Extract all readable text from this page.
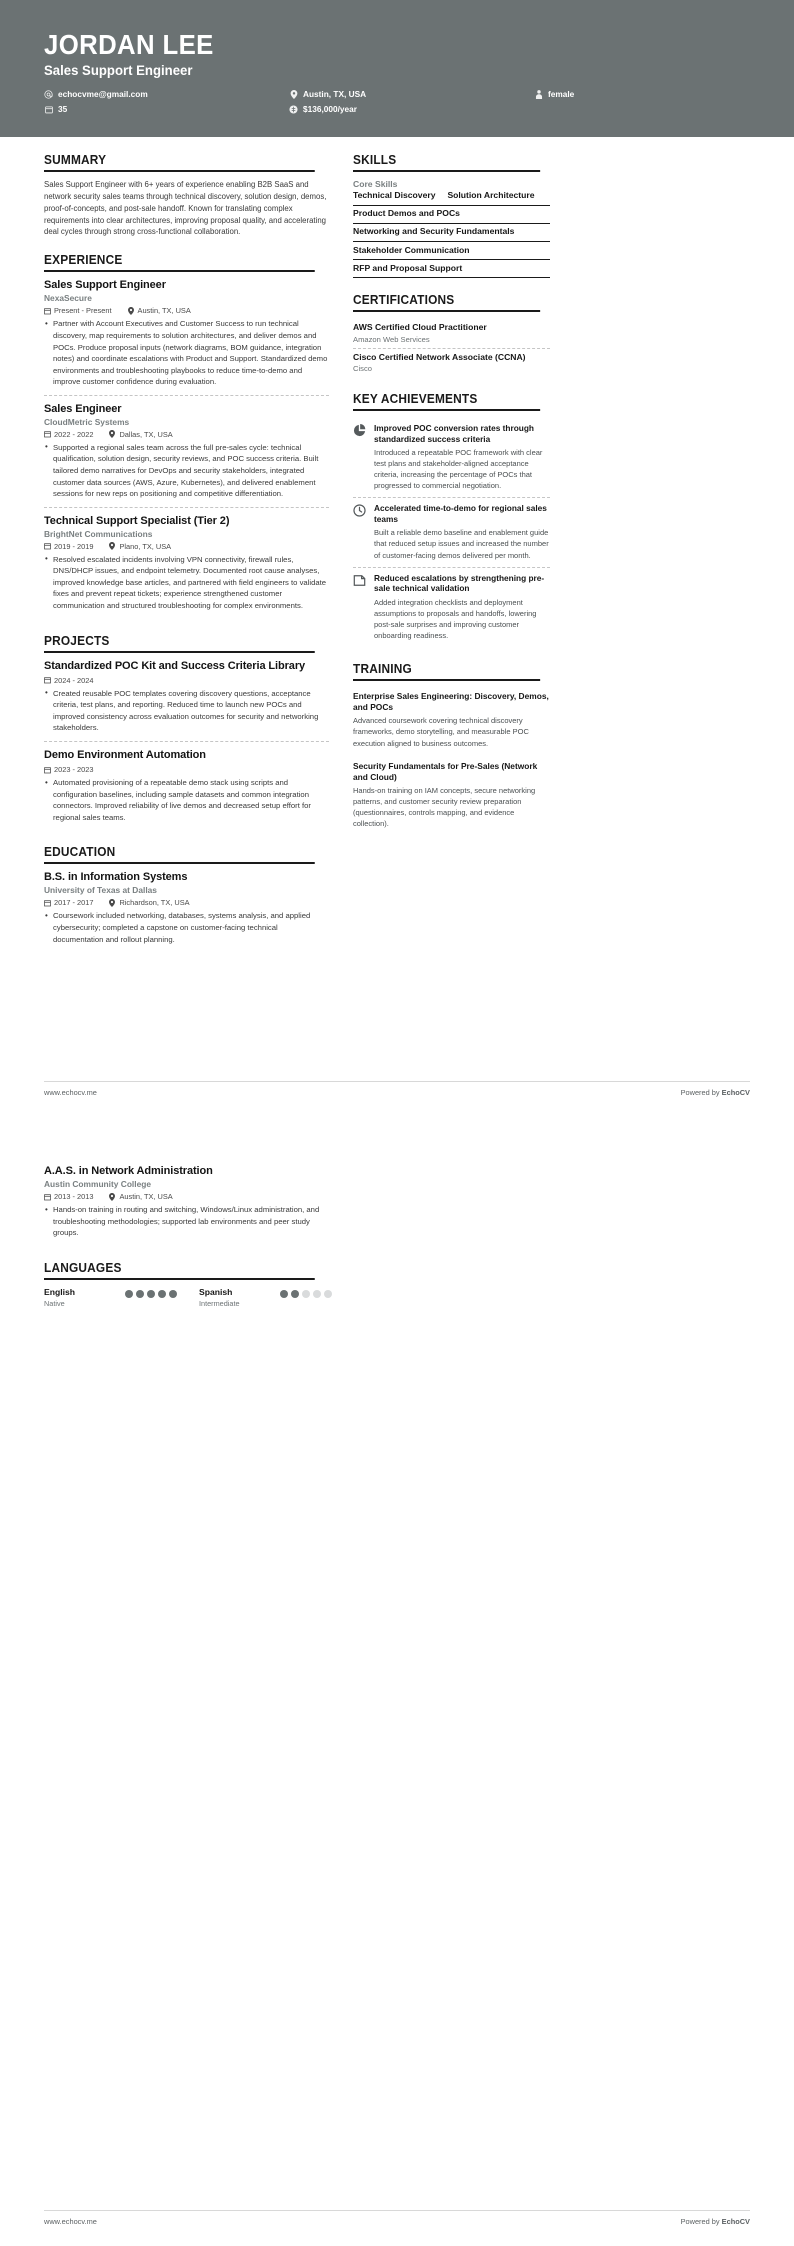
JORDAN LEE
Sales Support Engineer
echocvme@gmail.com	Austin, TX, USA	female
35	$136,000/year
SUMMARY
Sales Support Engineer with 6+ years of experience enabling B2B SaaS and network security sales teams through technical discovery, solution design, demos, proof-of-concepts, and post-sale handoff. Known for translating complex requirements into clear architectures, improving proposal quality, and accelerating deal cycles through strong cross-functional collaboration.
EXPERIENCE
Sales Support Engineer
NexaSecure
Present - Present	Austin, TX, USA
• Partner with Account Executives and Customer Success to run technical discovery, map requirements to solution architectures, and deliver demos and POCs. Produce proposal inputs (network diagrams, BOM guidance, integration notes) and coordinate escalations with Product and Support. Standardized demo environments and troubleshooting playbooks to reduce time-to-demo and improve customer confidence during evaluation.
Sales Engineer
CloudMetric Systems
2022 - 2022	Dallas, TX, USA
• Supported a regional sales team across the full pre-sales cycle: technical qualification, solution design, security reviews, and POC success criteria. Built tailored demo narratives for DevOps and security stakeholders, integrated customer data sources (AWS, Azure, Kubernetes), and delivered enablement sessions for new reps on positioning and competitive differentiation.
Technical Support Specialist (Tier 2)
BrightNet Communications
2019 - 2019	Plano, TX, USA
• Resolved escalated incidents involving VPN connectivity, firewall rules, DNS/DHCP issues, and endpoint telemetry. Documented root cause analyses, improved knowledge base articles, and partnered with field engineers to validate fixes and prevent repeat tickets; experience strengthened customer communication and structured troubleshooting for complex environments.
PROJECTS
Standardized POC Kit and Success Criteria Library
2024 - 2024
• Created reusable POC templates covering discovery questions, acceptance criteria, test plans, and reporting. Reduced time to launch new POCs and improved consistency across evaluation outcomes for security and networking stakeholders.
Demo Environment Automation
2023 - 2023
• Automated provisioning of a repeatable demo stack using scripts and configuration baselines, including sample datasets and common integration connectors. Improved reliability of live demos and decreased setup effort for regional sales teams.
EDUCATION
B.S. in Information Systems
University of Texas at Dallas
2017 - 2017	Richardson, TX, USA
• Coursework included networking, databases, systems analysis, and applied cybersecurity; completed a capstone on customer-facing technical documentation and rollout planning.
SKILLS
Core Skills
Technical Discovery Solution Architecture
Product Demos and POCs
Networking and Security Fundamentals
Stakeholder Communication
RFP and Proposal Support
CERTIFICATIONS
AWS Certified Cloud Practitioner
Amazon Web Services
Cisco Certified Network Associate (CCNA)
Cisco
KEY ACHIEVEMENTS
Improved POC conversion rates through standardized success criteria
Introduced a repeatable POC framework with clear test plans and stakeholder-aligned acceptance criteria, increasing the percentage of POCs that progressed to commercial negotiation.
Accelerated time-to-demo for regional sales teams
Built a reliable demo baseline and enablement guide that reduced setup issues and increased the number of customer-facing demos delivered per month.
Reduced escalations by strengthening pre-sale technical validation
Added integration checklists and deployment assumptions to proposals and handoffs, lowering post-sale surprises and improving customer onboarding readiness.
TRAINING
Enterprise Sales Engineering: Discovery, Demos, and POCs
Advanced coursework covering technical discovery frameworks, demo storytelling, and measurable POC execution aligned to business outcomes.
Security Fundamentals for Pre-Sales (Network and Cloud)
Hands-on training on IAM concepts, secure networking patterns, and customer security review preparation (questionnaires, controls mapping, and evidence collection).
www.echocv.me	Powered by EchoCV
A.A.S. in Network Administration
Austin Community College
2013 - 2013	Austin, TX, USA
• Hands-on training in routing and switching, Windows/Linux administration, and troubleshooting methodologies; supported lab environments and peer study groups.
LANGUAGES
English
Native
Spanish
Intermediate
www.echocv.me	Powered by EchoCV
